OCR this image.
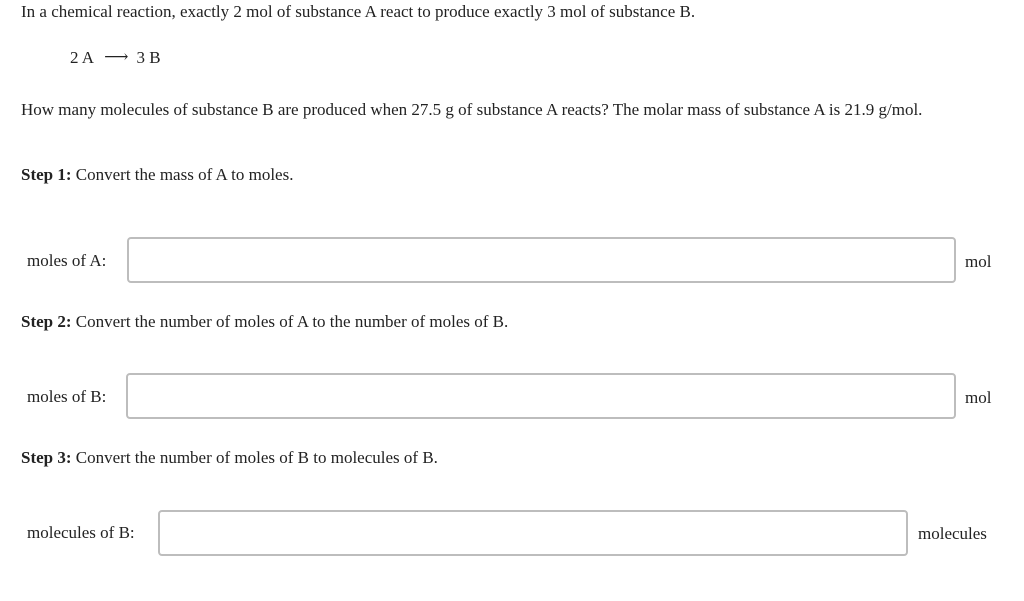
In a chemical reaction, exactly 2 mol of substance A react to produce exactly 3 mol of substance B.
2 A ⟶ 3 B
How many molecules of substance B are produced when 27.5 g of substance A reacts? The molar mass of substance A is 21.9 g/mol.
Step 1: Convert the mass of A to moles.
moles of A:	mol
Step 2: Convert the number of moles of A to the number of moles of B.
moles of B:	mol
Step 3: Convert the number of moles of B to molecules of B.
molecules of B:	molecules
